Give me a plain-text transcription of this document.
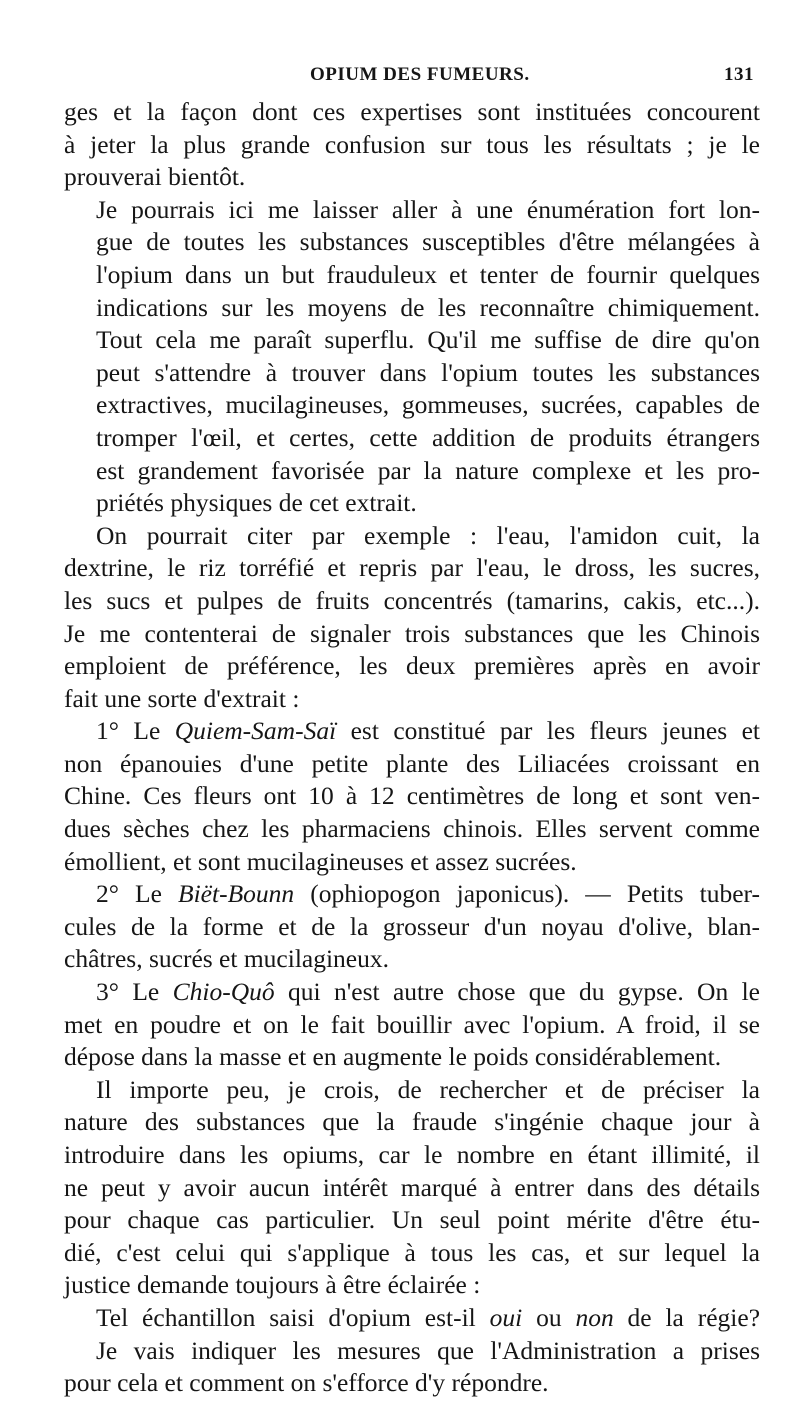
OPIUM DES FUMEURS.	131

ges et la façon dont ces expertises sont instituées concourent
à jeter la plus grande confusion sur tous les résultats ; je le
prouverai bientôt.

Je pourrais ici me laisser aller à une énumération fort lon-
gue de toutes les substances susceptibles d'être mélangées à
l'opium dans un but frauduleux et tenter de fournir quelques
indications sur les moyens de les reconnaître chimiquement.
Tout cela me paraît superflu. Qu'il me suffise de dire qu'on
peut s'attendre à trouver dans l'opium toutes les substances
extractives, mucilagineuses, gommeuses, sucrées, capables de
tromper l'œil, et certes, cette addition de produits étrangers
est grandement favorisée par la nature complexe et les pro-
priétés physiques de cet extrait.

On pourrait citer par exemple : l'eau, l'amidon cuit, la
dextrine, le riz torréfié et repris par l'eau, le dross, les sucres,
les sucs et pulpes de fruits concentrés (tamarins, cakis, etc...).
Je me contenterai de signaler trois substances que les Chinois
emploient de préférence, les deux premières après en avoir
fait une sorte d'extrait :

1° Le Quiem-Sam-Saï est constitué par les fleurs jeunes et
non épanouies d'une petite plante des Liliacées croissant en
Chine. Ces fleurs ont 10 à 12 centimètres de long et sont ven-
dues sèches chez les pharmaciens chinois. Elles servent comme
émollient, et sont mucilagineuses et assez sucrées.

2° Le Biët-Bounn (ophiopogon japonicus). — Petits tuber-
cules de la forme et de la grosseur d'un noyau d'olive, blan-
châtres, sucrés et mucilagineux.

3° Le Chio-Quô qui n'est autre chose que du gypse. On le
met en poudre et on le fait bouillir avec l'opium. A froid, il se
dépose dans la masse et en augmente le poids considérablement.

Il importe peu, je crois, de rechercher et de préciser la
nature des substances que la fraude s'ingénie chaque jour à
introduire dans les opiums, car le nombre en étant illimité, il
ne peut y avoir aucun intérêt marqué à entrer dans des détails
pour chaque cas particulier. Un seul point mérite d'être étu-
dié, c'est celui qui s'applique à tous les cas, et sur lequel la
justice demande toujours à être éclairée :

Tel échantillon saisi d'opium est-il oui ou non de la régie?

Je vais indiquer les mesures que l'Administration a prises
pour cela et comment on s'efforce d'y répondre.
